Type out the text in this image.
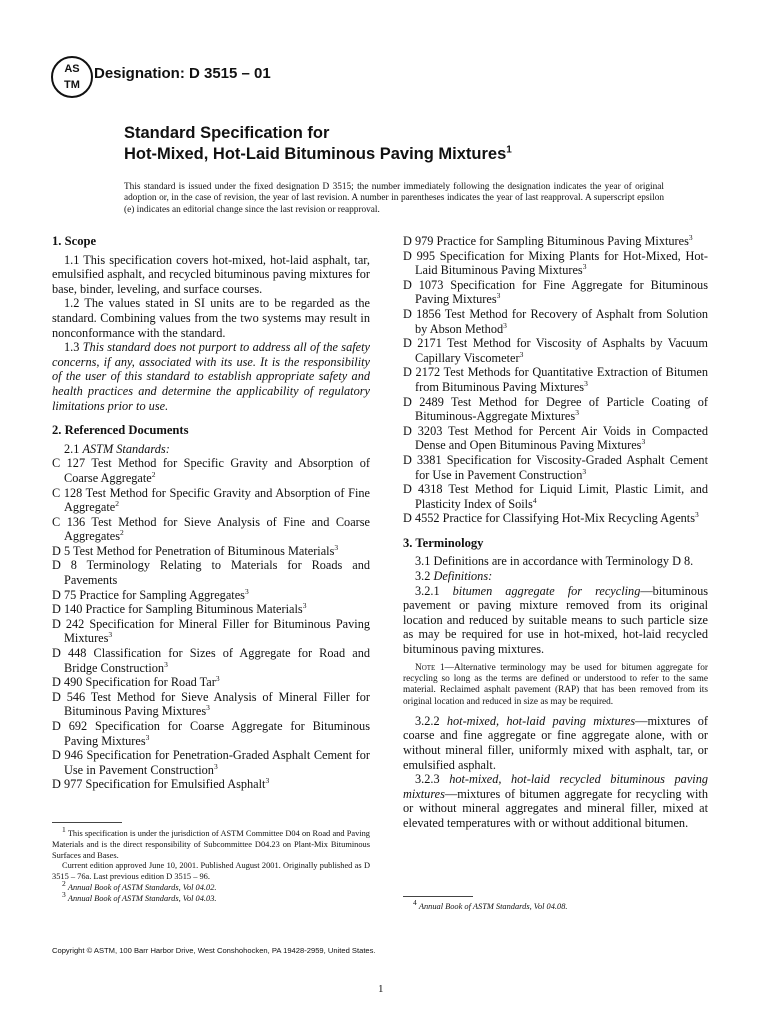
AS
TM
Designation: D 3515 – 01
Standard Specification for
Hot-Mixed, Hot-Laid Bituminous Paving Mixtures$^1$
This standard is issued under the fixed designation D 3515; the number immediately following the designation indicates the year of original adoption or, in the case of revision, the year of last revision. A number in parentheses indicates the year of last reapproval. A superscript epsilon (e) indicates an editorial change since the last revision or reapproval.
1. Scope

1.1 This specification covers hot-mixed, hot-laid asphalt, tar, emulsified asphalt, and recycled bituminous paving mixtures for base, binder, leveling, and surface courses.

1.2 The values stated in SI units are to be regarded as the standard. Combining values from the two systems may result in nonconformance with the standard.

1.3 This standard does not purport to address all of the safety concerns, if any, associated with its use. It is the responsibility of the user of this standard to establish appropriate safety and health practices and determine the applicability of regulatory limitations prior to use.

2. Referenced Documents

2.1 ASTM Standards:

C 127 Test Method for Specific Gravity and Absorption of Coarse Aggregate$^2$

C 128 Test Method for Specific Gravity and Absorption of Fine Aggregate$^2$

C 136 Test Method for Sieve Analysis of Fine and Coarse Aggregates$^2$

D 5 Test Method for Penetration of Bituminous Materials$^3$

D 8 Terminology Relating to Materials for Roads and Pavements

D 75 Practice for Sampling Aggregates$^3$

D 140 Practice for Sampling Bituminous Materials$^3$

D 242 Specification for Mineral Filler for Bituminous Paving Mixtures$^3$

D 448 Classification for Sizes of Aggregate for Road and Bridge Construction$^3$

D 490 Specification for Road Tar$^3$

D 546 Test Method for Sieve Analysis of Mineral Filler for Bituminous Paving Mixtures$^3$

D 692 Specification for Coarse Aggregate for Bituminous Paving Mixtures$^3$

D 946 Specification for Penetration-Graded Asphalt Cement for Use in Pavement Construction$^3$

D 977 Specification for Emulsified Asphalt$^3$

D 979 Practice for Sampling Bituminous Paving Mixtures$^3$

D 995 Specification for Mixing Plants for Hot-Mixed, Hot-Laid Bituminous Paving Mixtures$^3$

D 1073 Specification for Fine Aggregate for Bituminous Paving Mixtures$^3$

D 1856 Test Method for Recovery of Asphalt from Solution by Abson Method$^3$

D 2171 Test Method for Viscosity of Asphalts by Vacuum Capillary Viscometer$^3$

D 2172 Test Methods for Quantitative Extraction of Bitumen from Bituminous Paving Mixtures$^3$

D 2489 Test Method for Degree of Particle Coating of Bituminous-Aggregate Mixtures$^3$

D 3203 Test Method for Percent Air Voids in Compacted Dense and Open Bituminous Paving Mixtures$^3$

D 3381 Specification for Viscosity-Graded Asphalt Cement for Use in Pavement Construction$^3$

D 4318 Test Method for Liquid Limit, Plastic Limit, and Plasticity Index of Soils$^4$

D 4552 Practice for Classifying Hot-Mix Recycling Agents$^3$

3. Terminology

3.1 Definitions are in accordance with Terminology D 8.

3.2 Definitions:

3.2.1 bitumen aggregate for recycling—bituminous pavement or paving mixture removed from its original location and reduced by suitable means to such particle size as may be required for use in hot-mixed, hot-laid recycled bituminous paving mixtures.

Note 1—Alternative terminology may be used for bitumen aggregate for recycling so long as the terms are defined or understood to refer to the same material. Reclaimed asphalt pavement (RAP) that has been removed from its original location and reduced in size as may be required.

3.2.2 hot-mixed, hot-laid paving mixtures—mixtures of coarse and fine aggregate or fine aggregate alone, with or without mineral filler, uniformly mixed with asphalt, tar, or emulsified asphalt.

3.2.3 hot-mixed, hot-laid recycled bituminous paving mixtures—mixtures of bitumen aggregate for recycling with or without mineral aggregates and mineral filler, mixed at elevated temperatures with or without additional bitumen.

$^1$ This specification is under the jurisdiction of ASTM Committee D04 on Road and Paving Materials and is the direct responsibility of Subcommittee D04.23 on Plant-Mix Bituminous Surfaces and Bases.

Current edition approved June 10, 2001. Published August 2001. Originally published as D 3515 – 76a. Last previous edition D 3515 – 96.

$^2$ Annual Book of ASTM Standards, Vol 04.02.

$^3$ Annual Book of ASTM Standards, Vol 04.03.	$^4$ Annual Book of ASTM Standards, Vol 04.08.

Copyright © ASTM, 100 Barr Harbor Drive, West Conshohocken, PA 19428-2959, United States.
1
